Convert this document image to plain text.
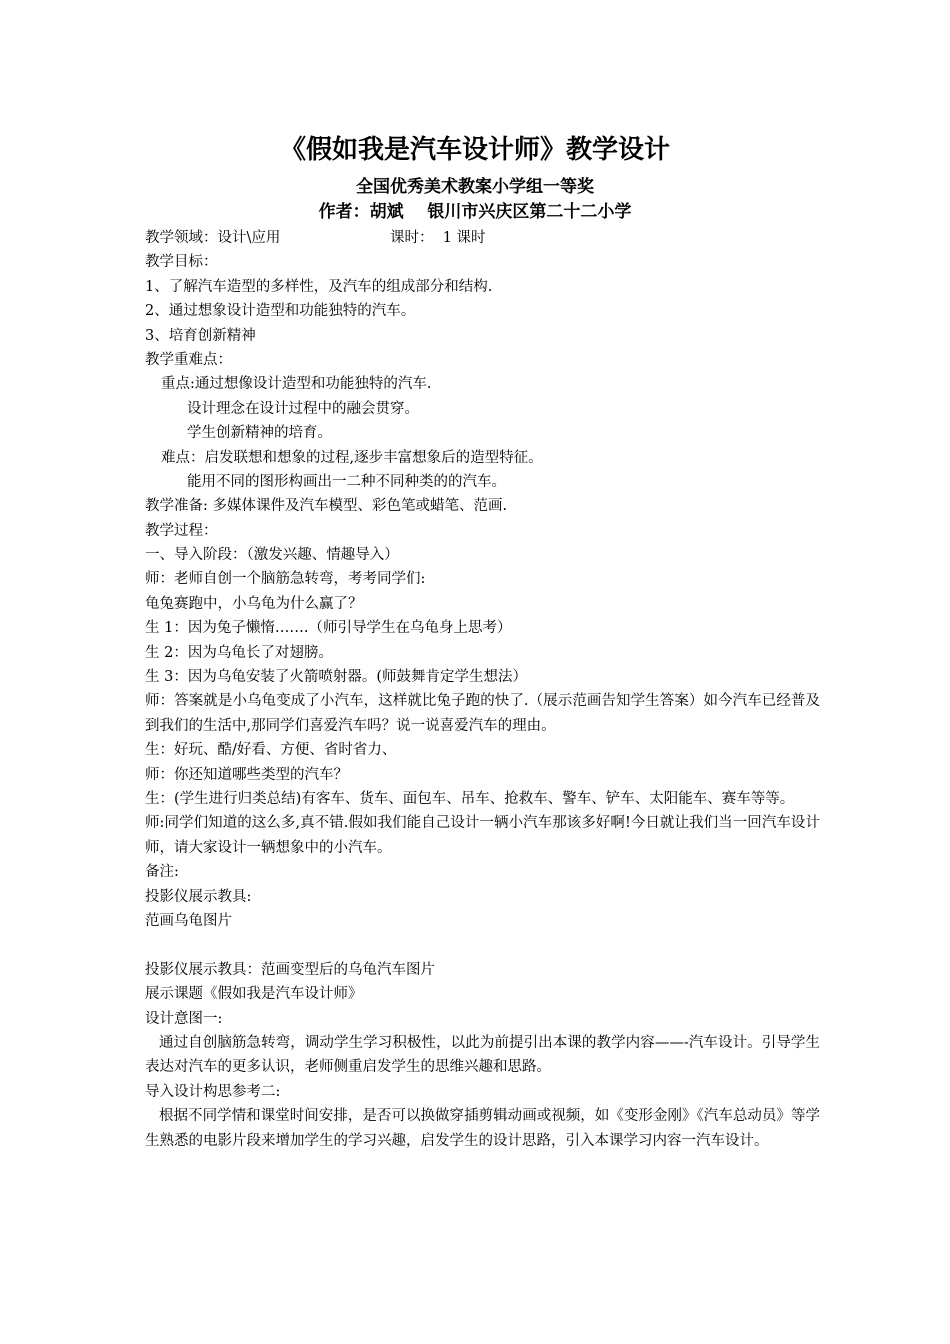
《假如我是汽车设计师》教学设计
全国优秀美术教案小学组一等奖
作者：胡斌    银川市兴庆区第二十二小学
教学领域：设计\应用	课时：  1 课时
教学目标：
1、了解汽车造型的多样性，及汽车的组成部分和结构.
2、通过想象设计造型和功能独特的汽车。
3、培育创新精神
教学重难点：
重点:通过想像设计造型和功能独特的汽车.
设计理念在设计过程中的融会贯穿。
学生创新精神的培育。
难点：启发联想和想象的过程,逐步丰富想象后的造型特征。
能用不同的图形构画出一二种不同种类的的汽车。
教学准备: 多媒体课件及汽车模型、彩色笔或蜡笔、范画.
教学过程：
一、导入阶段：（激发兴趣、情趣导入）
师：老师自创一个脑筋急转弯，考考同学们:
龟兔赛跑中，小乌龟为什么赢了？
生 1：因为兔子懒惰…….（师引导学生在乌龟身上思考）
生 2：因为乌龟长了对翅膀。
生 3：因为乌龟安装了火箭喷射器。(师鼓舞肯定学生想法）
师：答案就是小乌龟变成了小汽车，这样就比兔子跑的快了.（展示范画告知学生答案）如今汽车已经普及到我们的生活中,那同学们喜爱汽车吗？说一说喜爱汽车的理由。
生：好玩、酷/好看、方便、省时省力、
师：你还知道哪些类型的汽车？
生：(学生进行归类总结)有客车、货车、面包车、吊车、抢救车、警车、铲车、太阳能车、赛车等等。
师:同学们知道的这么多,真不错.假如我们能自己设计一辆小汽车那该多好啊!今日就让我们当一回汽车设计师，请大家设计一辆想象中的小汽车。
备注:
投影仪展示教具:
范画乌龟图片
投影仪展示教具：范画变型后的乌龟汽车图片
展示课题《假如我是汽车设计师》
设计意图一:
通过自创脑筋急转弯，调动学生学习积极性，以此为前提引出本课的教学内容——-汽车设计。引导学生表达对汽车的更多认识，老师侧重启发学生的思维兴趣和思路。
导入设计构思参考二:
根据不同学情和课堂时间安排，是否可以换做穿插剪辑动画或视频，如《变形金刚》《汽车总动员》等学生熟悉的电影片段来增加学生的学习兴趣，启发学生的设计思路，引入本课学习内容一汽车设计。
